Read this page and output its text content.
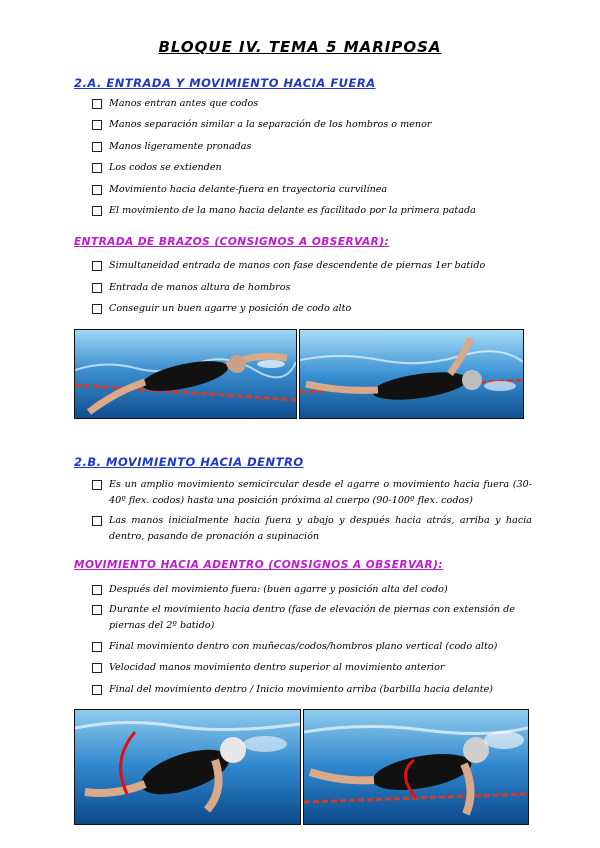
BLOQUE IV. TEMA 5 MARIPOSA
2.A. ENTRADA Y MOVIMIENTO HACIA FUERA
Manos entran antes que codos
Manos separación similar a la separación de los hombros o menor
Manos ligeramente pronadas
Los codos se extienden
Movimiento hacia delante-fuera en trayectoria curvilínea
El movimiento de la mano hacia delante es facilitado por la primera patada
ENTRADA DE BRAZOS (CONSIGNOS A OBSERVAR):
Simultaneidad entrada de manos con fase descendente de piernas 1er batido
Entrada de manos altura de hombros
Conseguir un buen agarre y posición de codo alto
2.B. MOVIMIENTO HACIA DENTRO
Es un amplio movimiento semicircular desde el agarre o movimiento hacia fuera (30-40º flex. codos) hasta una posición próxima al cuerpo (90-100º flex. codos)
Las manos inicialmente hacia fuera y abajo y después hacia atrás, arriba y hacia dentro, pasando de pronación a supinación
MOVIMIENTO HACIA ADENTRO (CONSIGNOS A OBSERVAR):
Después del movimiento fuera: (buen agarre y posición alta del codo)
Durante el movimiento hacia dentro (fase de elevación de piernas con extensión de piernas del 2º batido)
Final movimiento dentro con muñecas/codos/hombros plano vertical (codo alto)
Velocidad manos movimiento dentro superior al movimiento anterior
Final del movimiento dentro / Inicio movimiento arriba (barbilla hacia delante)
